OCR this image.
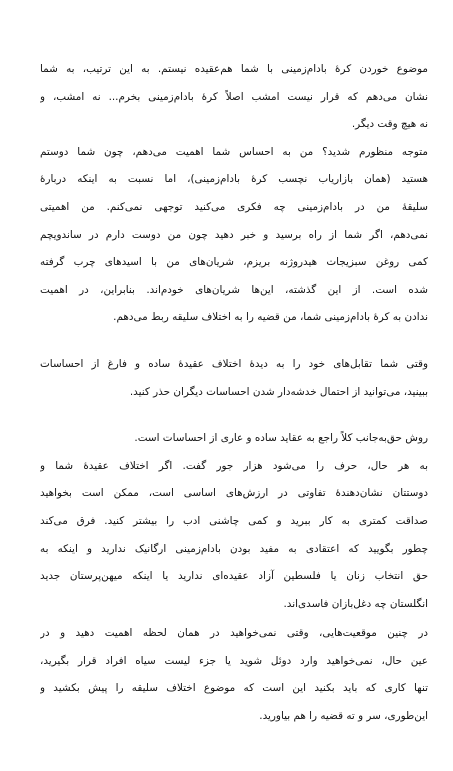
موضوع خوردن کرهٔ بادام‌زمینی با شما هم‌عقیده نیستم. به این ترتیب، به شما
نشان می‌دهم که قرار نیست امشب اصلاً کرهٔ بادام‌زمینی بخرم... نه امشب، و
نه هیچ وقت دیگر.

متوجه منظورم شدید؟ من به احساس شما اهمیت می‌دهم، چون شما دوستم
هستید (همان بازاریاب نچسب کرهٔ بادام‌زمینی)، اما نسبت به اینکه دربارهٔ
سلیقهٔ من در بادام‌زمینی چه فکری می‌کنید توجهی نمی‌کنم. من اهمیتی
نمی‌دهم، اگر شما از راه برسید و خبر دهید چون من دوست دارم در ساندویچم
کمی روغن سبزیجات هیدروژنه بریزم، شریان‌های من با اسیدهای چرب گرفته
شده است. از این گذشته، این‌ها شریان‌های خودم‌اند. بنابراین، در اهمیت
ندادن به کرهٔ بادام‌زمینی شما، من قضیه را به اختلاف سلیقه ربط می‌دهم.

وقتی شما تقابل‌های خود را به دیدهٔ اختلاف عقیدهٔ ساده و فارغ از احساسات
ببینید، می‌توانید از احتمال خدشه‌دار شدن احساسات دیگران حذر کنید.

روش حق‌به‌جانب کلاً راجع به عقاید ساده و عاری از احساسات است.

به هر حال، حرف را می‌شود هزار جور گفت. اگر اختلاف عقیدهٔ شما و
دوستتان نشان‌دهندهٔ تفاوتی در ارزش‌های اساسی است، ممکن است بخواهید
صداقت کمتری به کار ببرید و کمی چاشنی ادب را بیشتر کنید. فرق می‌کند
چطور بگویید که اعتقادی به مفید بودن بادام‌زمینی ارگانیک ندارید و اینکه به
حق انتخاب زنان یا فلسطین آزاد عقیده‌ای ندارید یا اینکه میهن‌پرستان جدید
انگلستان چه دغل‌بازان فاسدی‌اند.

در چنین موقعیت‌هایی، وقتی نمی‌خواهید در همان لحظه اهمیت دهید و در
عین حال، نمی‌خواهید وارد دوئل شوید یا جزء لیست سیاه افراد قرار بگیرید،
تنها کاری که باید بکنید این است که موضوع اختلاف سلیقه را پیش بکشید و
این‌طوری، سر و ته قضیه را هم بیاورید.
